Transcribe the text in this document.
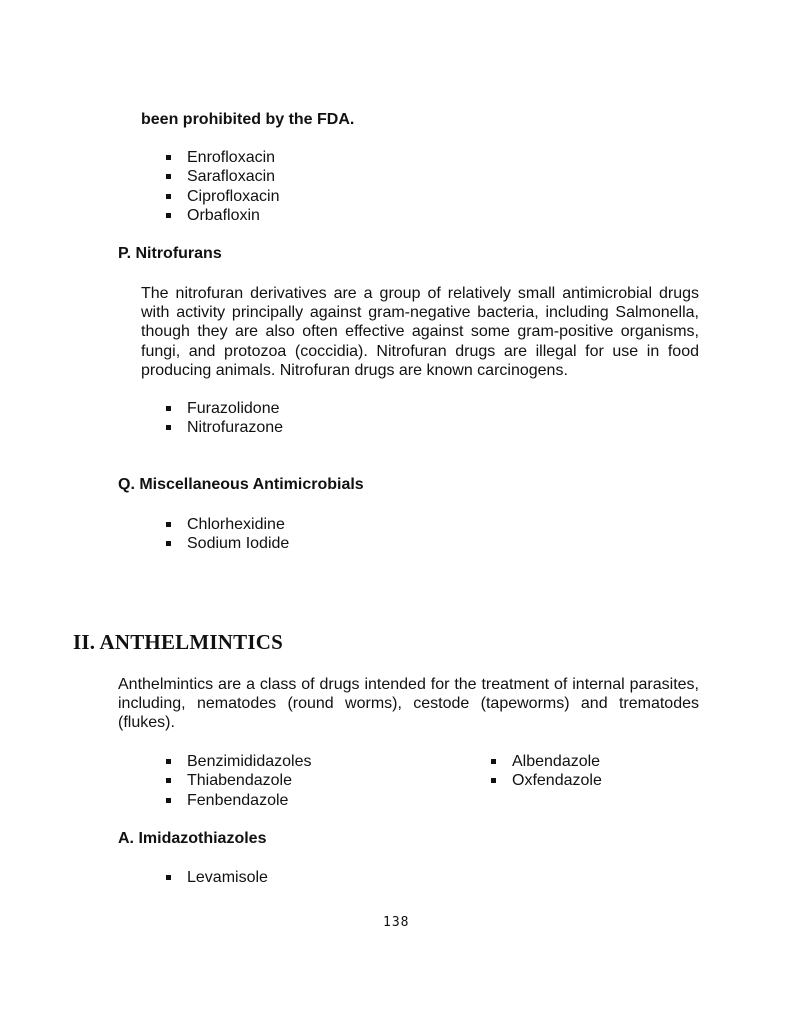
been prohibited by the FDA.
Enrofloxacin
Sarafloxacin
Ciprofloxacin
Orbafloxin
P. Nitrofurans
The nitrofuran derivatives are a group of relatively small antimicrobial drugs with activity principally against gram-negative bacteria, including Salmonella, though they are also often effective against some gram-positive organisms, fungi, and protozoa (coccidia). Nitrofuran drugs are illegal for use in food producing animals. Nitrofuran drugs are known carcinogens.
Furazolidone
Nitrofurazone
Q. Miscellaneous Antimicrobials
Chlorhexidine
Sodium Iodide
II. ANTHELMINTICS
Anthelmintics are a class of drugs intended for the treatment of internal parasites, including, nematodes (round worms), cestode (tapeworms) and trematodes (flukes).
Benzimididazoles
Thiabendazole
Fenbendazole
Albendazole
Oxfendazole
A. Imidazothiazoles
Levamisole
138
